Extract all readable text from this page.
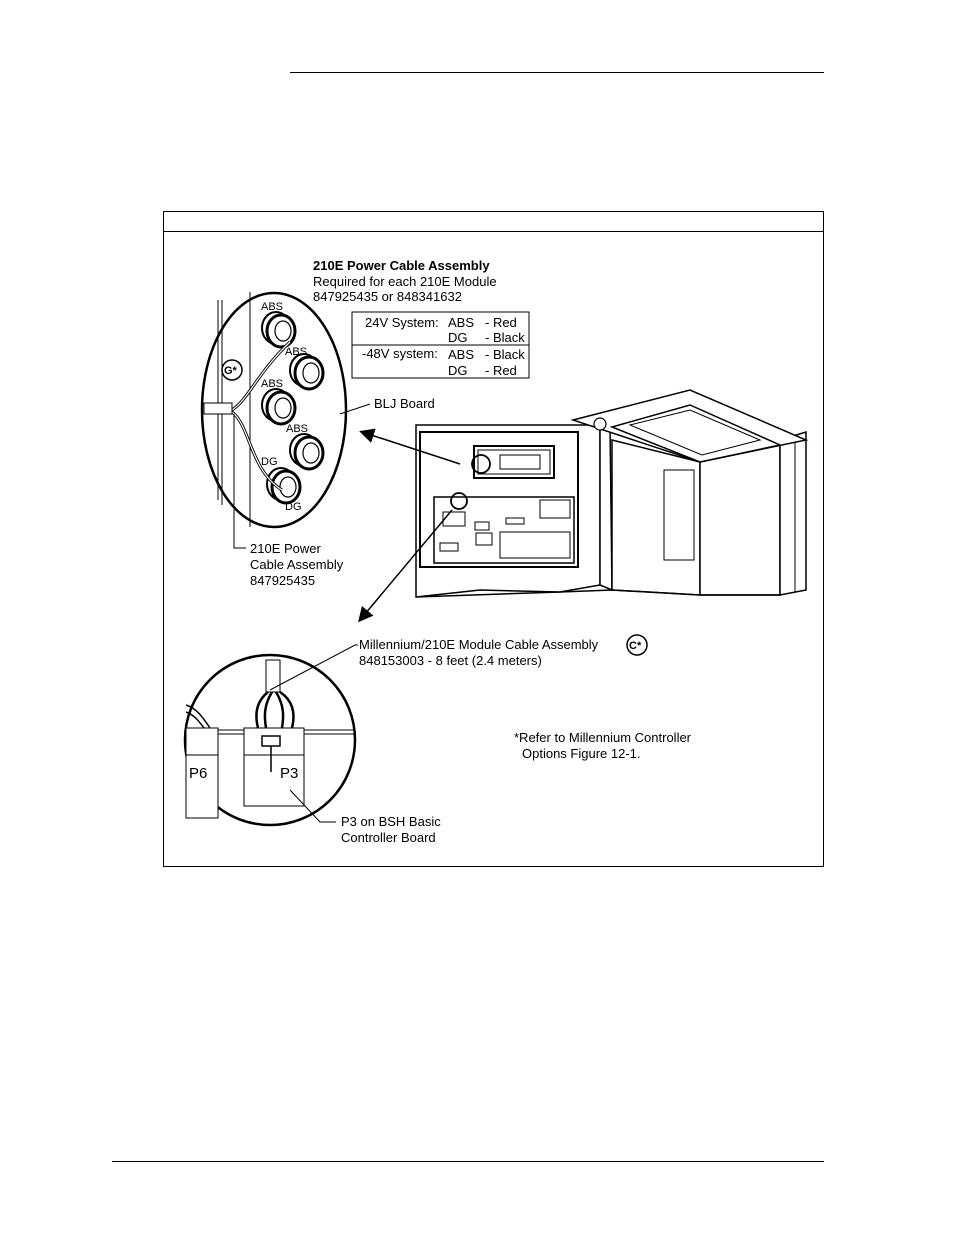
210E Power Cable Assembly
Required for each 210E Module
847925435 or 848341632
24V System: ABS - Red
DG - Black
-48V system: ABS - Black
DG - Red
ABS
ABS
ABS
ABS
DG
DG
G*
BLJ Board
210E Power
Cable Assembly
847925435
P6	P3
Millennium/210E Module Cable Assembly
848153003 - 8 feet (2.4 meters)
C*
P3 on BSH Basic
Controller Board
*Refer to Millennium Controller
Options Figure 12-1.
